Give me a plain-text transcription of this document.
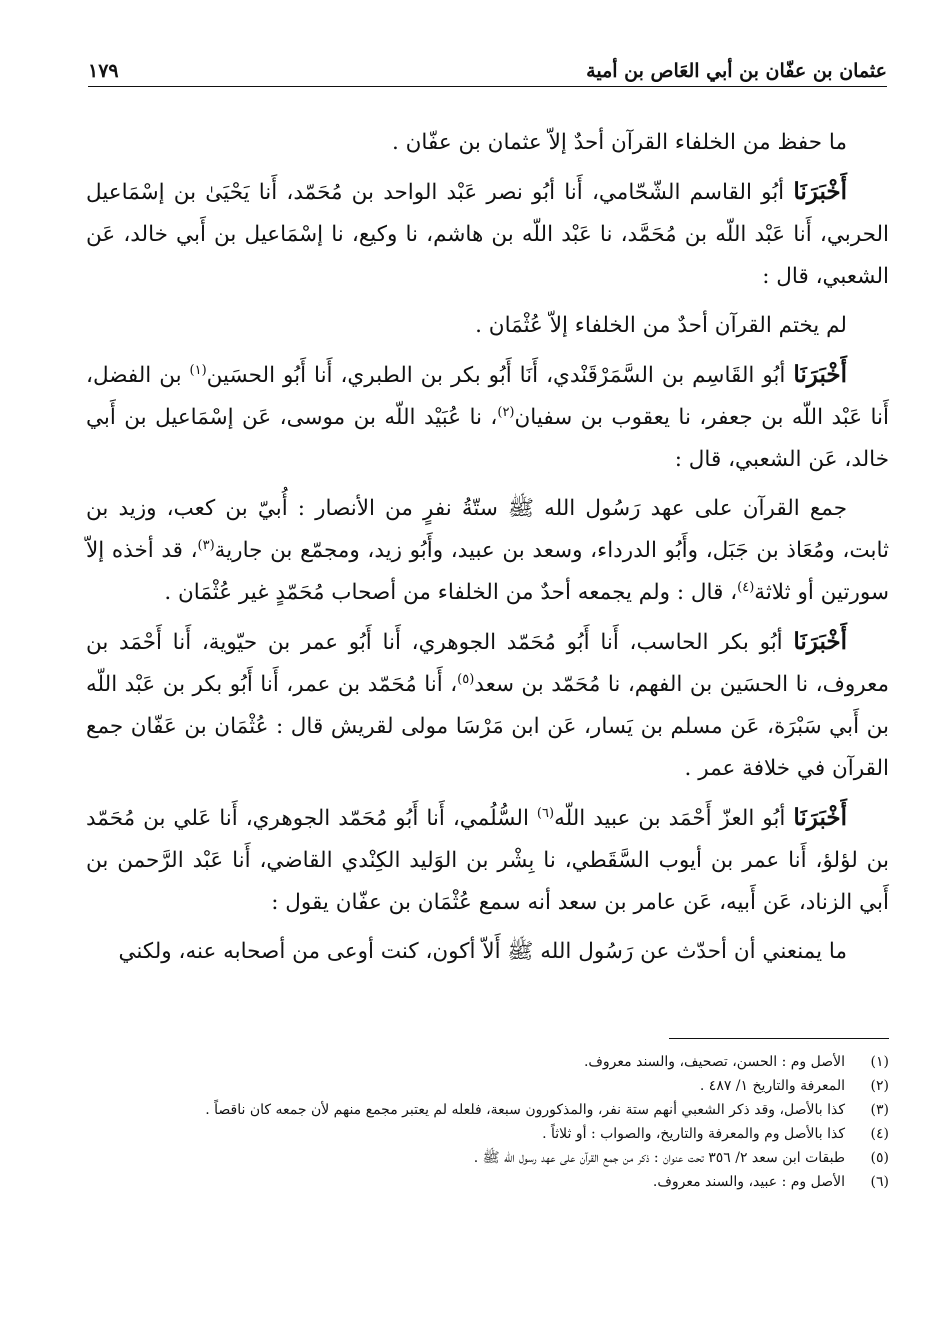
عثمان بن عفّان بن أبي العَاص بن أمية
١٧٩

ما حفظ من الخلفاء القرآن أحدٌ إلاّ عثمان بن عفّان .

أَخْبَرَنَا أبُو القاسم الشّحّامي، أَنا أبُو نصر عَبْد الواحد بن مُحَمّد، أَنا يَحْيَىٰ بن إسْمَاعيل الحربي، أَنا عَبْد اللّه بن مُحَمَّد، نا عَبْد اللّه بن هاشم، نا وكيع، نا إسْمَاعيل بن أَبي خالد، عَن الشعبي، قال :

لم يختم القرآن أحدٌ من الخلفاء إلاّ عُثْمَان .

أَخْبَرَنَا أبُو القَاسِم بن السَّمَرْقَنْدي، أَنَا أَبُو بكر بن الطبري، أَنا أَبُو الحسَين$^{(١)}$ بن الفضل، أَنا عَبْد اللّه بن جعفر، نا يعقوب بن سفيان$^{(٢)}$، نا عُبَيْد اللّه بن موسى، عَن إسْمَاعيل بن أَبي خالد، عَن الشعبي، قال :

جمع القرآن على عهد رَسُول الله ﷺ ستّةُ نفرٍ من الأنصار : أُبيّ بن كعب، وزيد بن ثابت، ومُعَاذ بن جَبَل، وأَبُو الدرداء، وسعد بن عبيد، وأَبُو زيد، ومجمّع بن جارية$^{(٣)}$، قد أخذه إلاّ سورتين أو ثلاثة$^{(٤)}$، قال : ولم يجمعه أحدٌ من الخلفاء من أصحاب مُحَمّدٍ غير عُثْمَان .

أَخْبَرَنَا أبُو بكر الحاسب، أَنا أَبُو مُحَمّد الجوهري، أَنا أَبُو عمر بن حيّوية، أَنا أَحْمَد بن معروف، نا الحسَين بن الفهم، نا مُحَمّد بن سعد$^{(٥)}$، أَنا مُحَمّد بن عمر، أَنا أَبُو بكر بن عَبْد اللّه بن أَبي سَبْرَة، عَن مسلم بن يَسار، عَن ابن مَرْسَا مولى لقريش قال : عُثْمَان بن عَفّان جمع القرآن في خلافة عمر .

أَخْبَرَنَا أبُو العزّ أَحْمَد بن عبيد اللّه$^{(٦)}$ السُّلُمي، أَنا أَبُو مُحَمّد الجوهري، أَنا عَلي بن مُحَمّد بن لؤلؤ، أَنا عمر بن أيوب السَّقَطي، نا بِشْر بن الوَليد الكِنْدي القاضي، أَنا عَبْد الرَّحمن بن أَبي الزناد، عَن أَبيه، عَن عامر بن سعد أنه سمع عُثْمَان بن عفّان يقول :

ما يمنعني أن أحدّث عن رَسُول الله ﷺ أَلاّ أكون، كنت أوعى من أصحابه عنه، ولكني

(١)
الأصل وم : الحسن، تصحيف، والسند معروف.
(٢)
المعرفة والتاريخ ١/ ٤٨٧ .
(٣)
كذا بالأصل، وقد ذكر الشعبي أنهم ستة نفر، والمذكورون سبعة، فلعله لم يعتبر مجمع منهم لأن جمعه كان ناقصاً .
(٤)
كذا بالأصل وم والمعرفة والتاريخ، والصواب : أو ثلاثاً .
(٥)
طبقات ابن سعد ٢/ ٣٥٦ تحت عنوان : ذكر من جمع القرآن على عهد رسول الله ﷺ .
(٦)
الأصل وم : عبيد، والسند معروف.
